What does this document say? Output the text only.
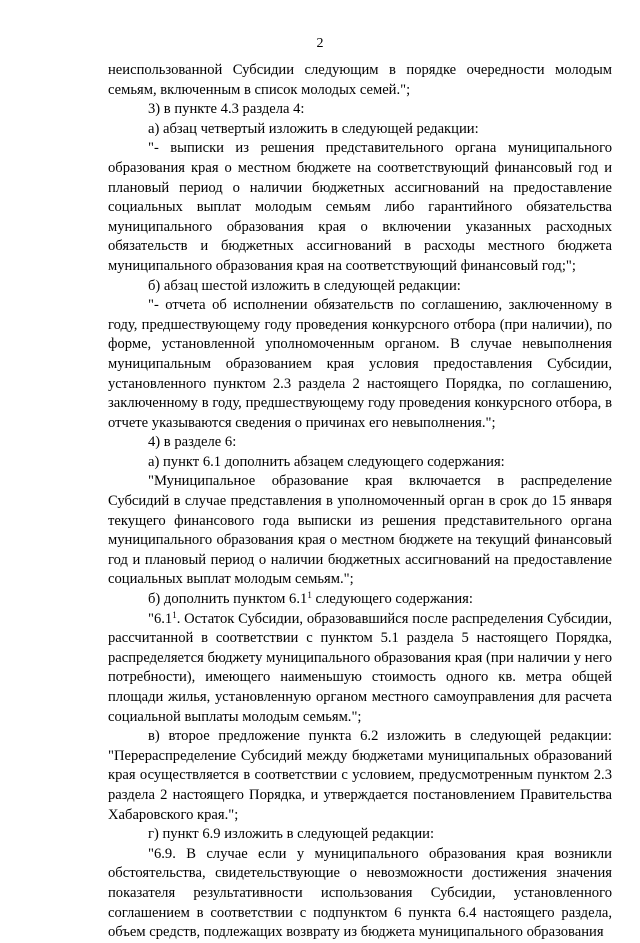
2

неиспользованной Субсидии следующим в порядке очередности молодым семьям, включенным в список молодых семей.";

3) в пункте 4.3 раздела 4:

а) абзац четвертый изложить в следующей редакции:

"- выписки из решения представительного органа муниципального образования края о местном бюджете на соответствующий финансовый год и плановый период о наличии бюджетных ассигнований на предоставление социальных выплат молодым семьям либо гарантийного обязательства муниципального образования края о включении указанных расходных обязательств и бюджетных ассигнований в расходы местного бюджета муниципального образования края на соответствующий финансовый год;";

б) абзац шестой изложить в следующей редакции:

"- отчета об исполнении обязательств по соглашению, заключенному в году, предшествующему году проведения конкурсного отбора (при наличии), по форме, установленной уполномоченным органом. В случае невыполнения муниципальным образованием края условия предоставления Субсидии, установленного пунктом 2.3 раздела 2 настоящего Порядка, по соглашению, заключенному в году, предшествующему году проведения конкурсного отбора, в отчете указываются сведения о причинах его невыполнения.";

4) в разделе 6:

а) пункт 6.1 дополнить абзацем следующего содержания:

"Муниципальное образование края включается в распределение Субсидий в случае представления в уполномоченный орган в срок до 15 января текущего финансового года выписки из решения представительного органа муниципального образования края о местном бюджете на текущий финансовый год и плановый период о наличии бюджетных ассигнований на предоставление социальных выплат молодым семьям.";

б) дополнить пунктом $6.1^1$ следующего содержания:

"$6.1^1$. Остаток Субсидии, образовавшийся после распределения Субсидии, рассчитанной в соответствии с пунктом 5.1 раздела 5 настоящего Порядка, распределяется бюджету муниципального образования края (при наличии у него потребности), имеющего наименьшую стоимость одного кв. метра общей площади жилья, установленную органом местного самоуправления для расчета социальной выплаты молодым семьям.";

в) второе предложение пункта 6.2 изложить в следующей редакции: "Перераспределение Субсидий между бюджетами муниципальных образований края осуществляется в соответствии с условием, предусмотренным пунктом 2.3 раздела 2 настоящего Порядка, и утверждается постановлением Правительства Хабаровского края.";

г) пункт 6.9 изложить в следующей редакции:

"6.9. В случае если у муниципального образования края возникли обстоятельства, свидетельствующие о невозможности достижения значения показателя результативности использования Субсидии, установленного соглашением в соответствии с подпунктом 6 пункта 6.4 настоящего раздела, объем средств, подлежащих возврату из бюджета муниципального образования
